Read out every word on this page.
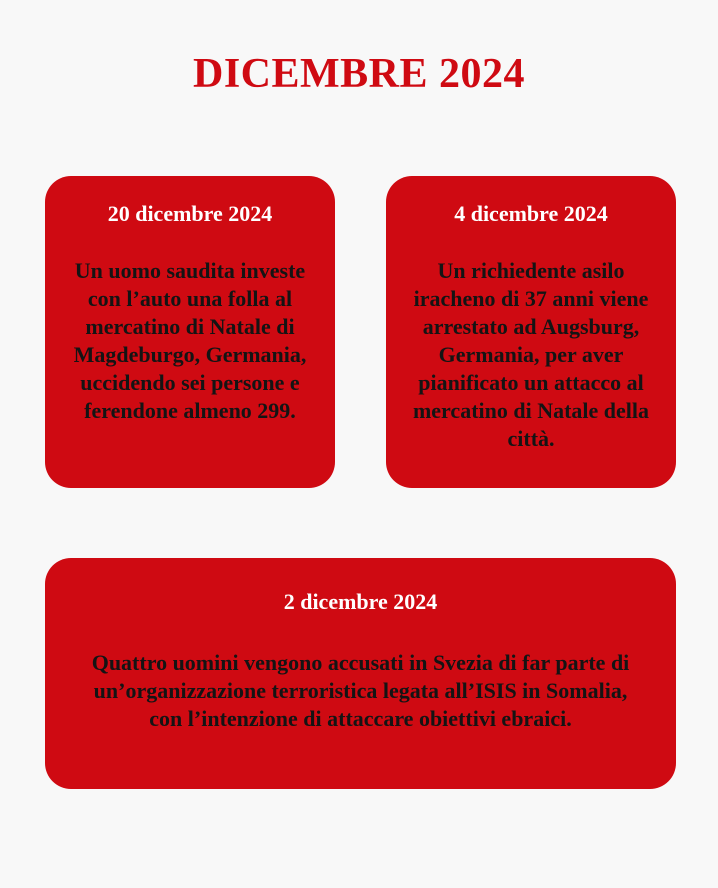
DICEMBRE 2024

20 dicembre 2024

Un uomo saudita investe con l’auto una folla al mercatino di Natale di Magdeburgo, Germania, uccidendo sei persone e ferendone almeno 299.

4 dicembre 2024

Un richiedente asilo iracheno di 37 anni viene arrestato ad Augsburg, Germania, per aver pianificato un attacco al mercatino di Natale della città.

2 dicembre 2024

Quattro uomini vengono accusati in Svezia di far parte di un’organizzazione terroristica legata all’ISIS in Somalia, con l’intenzione di attaccare obiettivi ebraici.
